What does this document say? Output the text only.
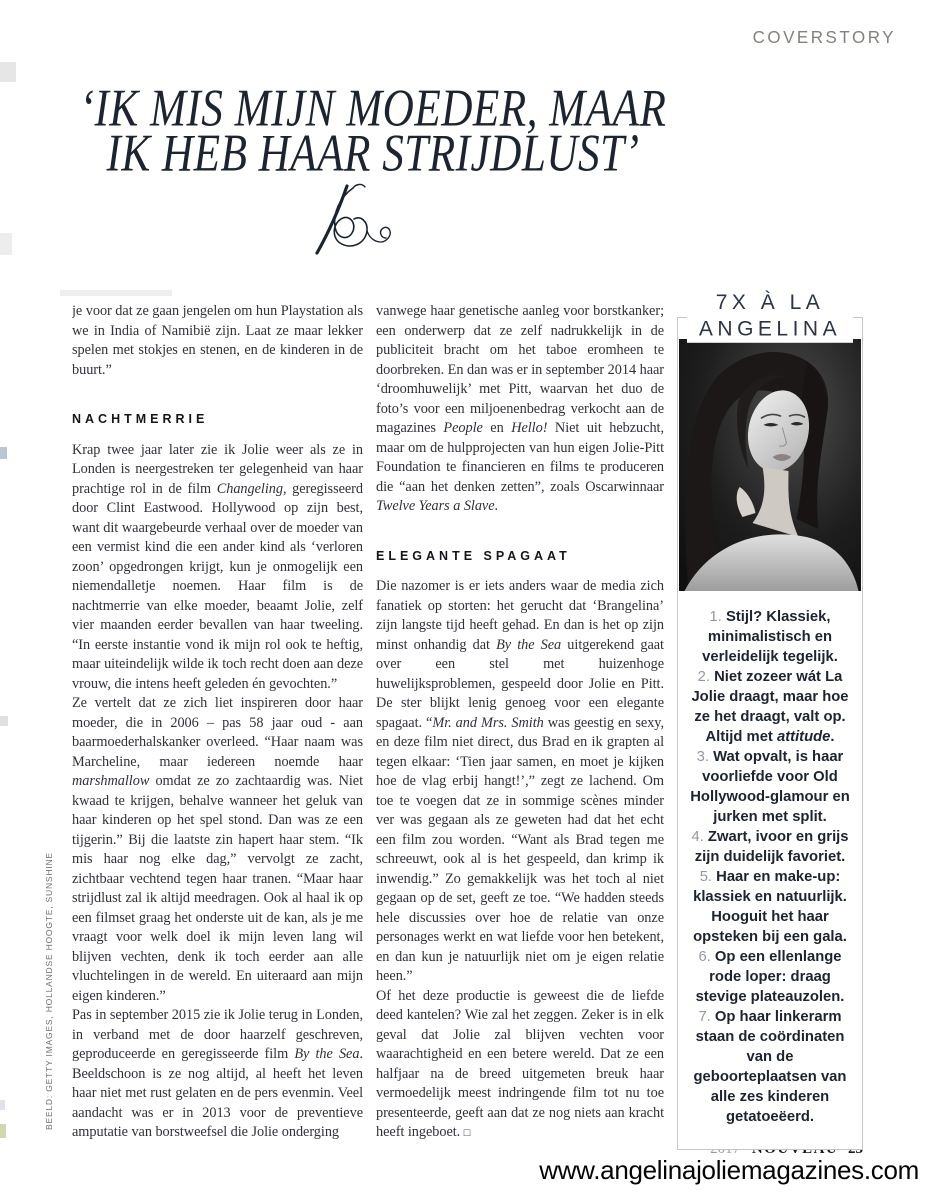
COVERSTORY
‘IK MIS MIJN MOEDER, MAAR
IK HEB HAAR STRIJDLUST’

je voor dat ze gaan jengelen om hun Playstation als we in India of Namibië zijn. Laat ze maar lekker spelen met stokjes en stenen, en de kinderen in de buurt.”

NACHTMERRIE

Krap twee jaar later zie ik Jolie weer als ze in Londen is neergestreken ter gelegenheid van haar prachtige rol in de film Changeling, geregisseerd door Clint Eastwood. Hollywood op zijn best, want dit waargebeurde verhaal over de moeder van een vermist kind die een ander kind als ‘verloren zoon’ opgedrongen krijgt, kun je onmogelijk een niemendalletje noemen. Haar film is de nachtmerrie van elke moeder, beaamt Jolie, zelf vier maanden eerder bevallen van haar tweeling. “In eerste instantie vond ik mijn rol ook te heftig, maar uiteindelijk wilde ik toch recht doen aan deze vrouw, die intens heeft geleden én gevochten.”

Ze vertelt dat ze zich liet inspireren door haar moeder, die in 2006 – pas 58 jaar oud - aan baarmoederhalskanker overleed. “Haar naam was Marcheline, maar iedereen noemde haar marshmallow omdat ze zo zachtaardig was. Niet kwaad te krijgen, behalve wanneer het geluk van haar kinderen op het spel stond. Dan was ze een tijgerin.” Bij die laatste zin hapert haar stem. “Ik mis haar nog elke dag,” vervolgt ze zacht, zichtbaar vechtend tegen haar tranen. “Maar haar strijdlust zal ik altijd meedragen. Ook al haal ik op een filmset graag het onderste uit de kan, als je me vraagt voor welk doel ik mijn leven lang wil blijven vechten, denk ik toch eerder aan alle vluchtelingen in de wereld. En uiteraard aan mijn eigen kinderen.”

Pas in september 2015 zie ik Jolie terug in Londen, in verband met de door haarzelf geschreven, geproduceerde en geregisseerde film By the Sea. Beeldschoon is ze nog altijd, al heeft het leven haar niet met rust gelaten en de pers evenmin. Veel aandacht was er in 2013 voor de preventieve amputatie van borstweefsel die Jolie onderging

vanwege haar genetische aanleg voor borstkanker; een onderwerp dat ze zelf nadrukkelijk in de publiciteit bracht om het taboe eromheen te doorbreken. En dan was er in september 2014 haar ‘droomhuwelijk’ met Pitt, waarvan het duo de foto’s voor een miljoenenbedrag verkocht aan de magazines People en Hello! Niet uit hebzucht, maar om de hulpprojecten van hun eigen Jolie-Pitt Foundation te financieren en films te produceren die “aan het denken zetten”, zoals Oscarwinnaar Twelve Years a Slave.

ELEGANTE SPAGAAT

Die nazomer is er iets anders waar de media zich fanatiek op storten: het gerucht dat ‘Brangelina’ zijn langste tijd heeft gehad. En dan is het op zijn minst onhandig dat By the Sea uitgerekend gaat over een stel met huizenhoge huwelijksproblemen, gespeeld door Jolie en Pitt. De ster blijkt lenig genoeg voor een elegante spagaat. “Mr. and Mrs. Smith was geestig en sexy, en deze film niet direct, dus Brad en ik grapten al tegen elkaar: ‘Tien jaar samen, en moet je kijken hoe de vlag erbij hangt!’,” zegt ze lachend. Om toe te voegen dat ze in sommige scènes minder ver was gegaan als ze geweten had dat het echt een film zou worden. “Want als Brad tegen me schreeuwt, ook al is het gespeeld, dan krimp ik inwendig.” Zo gemakkelijk was het toch al niet gegaan op de set, geeft ze toe. “We hadden steeds hele discussies over hoe de relatie van onze personages werkt en wat liefde voor hen betekent, en dan kun je natuurlijk niet om je eigen relatie heen.”

Of het deze productie is geweest die de liefde deed kantelen? Wie zal het zeggen. Zeker is in elk geval dat Jolie zal blijven vechten voor waarachtigheid en een betere wereld. Dat ze een halfjaar na de breed uitgemeten breuk haar vermoedelijk meest indringende film tot nu toe presenteerde, geeft aan dat ze nog niets aan kracht heeft ingeboet. □

7X À LA
ANGELINA
1. Stijl? Klassiek, minimalistisch en verleidelijk tegelijk.
2. Niet zozeer wát La Jolie draagt, maar hoe ze het draagt, valt op. Altijd met attitude.
3. Wat opvalt, is haar voorliefde voor Old Hollywood-glamour en jurken met split.
4. Zwart, ivoor en grijs zijn duidelijk favoriet.
5. Haar en make-up: klassiek en natuurlijk. Hooguit het haar opsteken bij een gala.
6. Op een ellenlange rode loper: draag stevige plateauzolen.
7. Op haar linkerarm staan de coördinaten van de geboorteplaatsen van alle zes kinderen getatoeëerd.
BEELD: GETTY IMAGES, HOLLANDSE HOOGTE, SUNSHINE
www.angelinajoliemagazines.com
